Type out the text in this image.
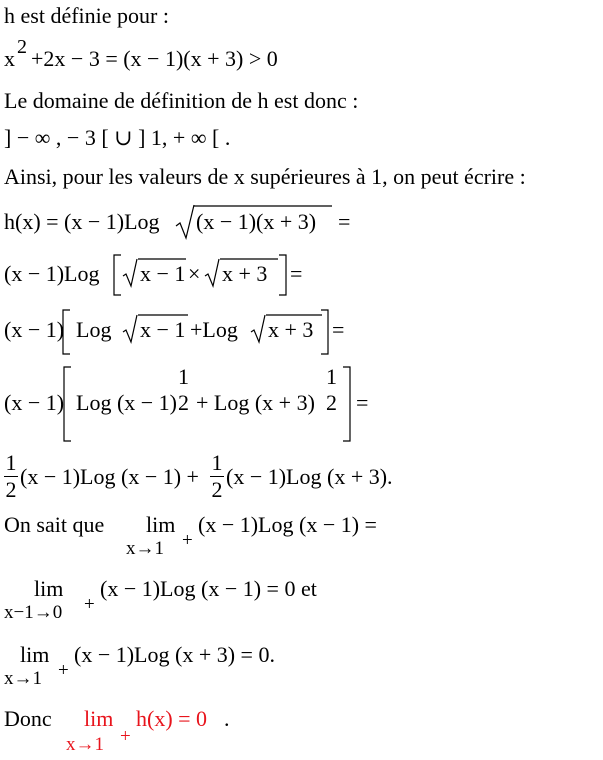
h est définie pour :
x 2 +2x − 3 = (x − 1)(x + 3) > 0
Le domaine de définition de h est donc :
] − ∞ , − 3 [ ∪ ] 1, + ∞ [ .
Ainsi, pour les valeurs de x supérieures à 1, on peut écrire :
h(x) = (x − 1)Log (x − 1)(x + 3) =
(x − 1)Log x − 1 × x + 3 =
(x − 1) Log x − 1 +Log x + 3 =
(x − 1) Log (x − 1)
1
2 + Log (x + 3)
1
2 =
$\frac{1}{2} (x - 1)Log$ $(x - 1) + \frac{1}{2} (x - 1)Log$ (x + 3).
On sait que lim
x→1 +
(x − 1)Log (x − 1) =
lim
x−1→0 +
(x − 1)Log (x − 1) = 0 et
lim
x→1 +
(x − 1)Log (x + 3) = 0.
Donc lim
x→1 +
h(x) = 0 .
